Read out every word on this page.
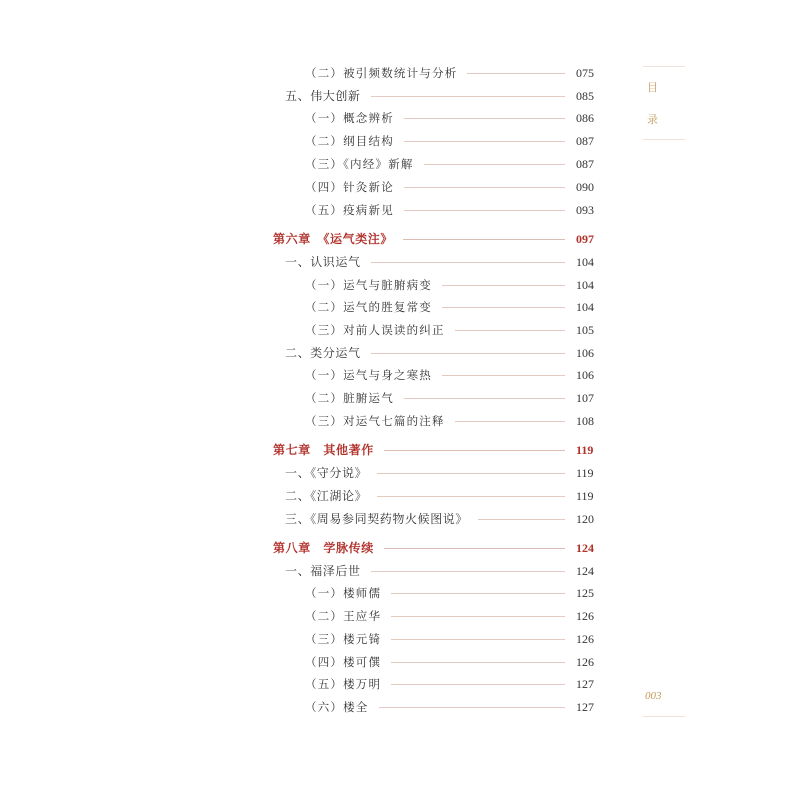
（二）被引频数统计与分析	075
五、伟大创新	085
（一）概念辨析	086
（二）纲目结构	087
（三）《内经》新解	087
（四）针灸新论	090
（五）疫病新见	093
第六章　《运气类注》	097
一、认识运气	104
（一）运气与脏腑病变	104
（二）运气的胜复常变	104
（三）对前人误读的纠正	105
二、类分运气	106
（一）运气与身之寒热	106
（二）脏腑运气	107
（三）对运气七篇的注释	108
第七章　其他著作	119
一、《守分说》	119
二、《江湖论》	119
三、《周易参同契药物火候图说》	120
第八章　学脉传续	124
一、福泽后世	124
（一）楼师儒	125
（二）王应华	126
（三）楼元锜	126
（四）楼可僎	126
（五）楼万明	127
（六）楼全	127
目
录
003
